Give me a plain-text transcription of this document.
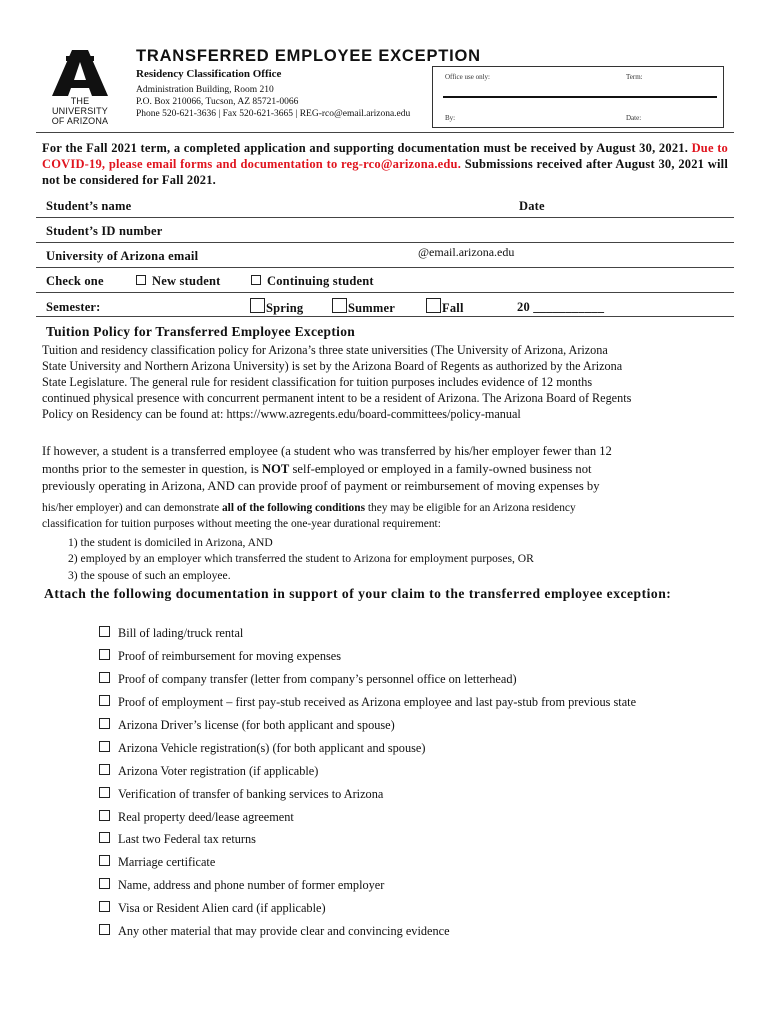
THE UNIVERSITY
OF ARIZONA
TRANSFERRED EMPLOYEE EXCEPTION
Residency Classification Office
Administration Building, Room 210
P.O. Box 210066, Tucson, AZ 85721-0066
Phone 520-621-3636 | Fax 520-621-3665 | REG-rco@email.arizona.edu
Office use only:	Term:
By:	Date:
For the Fall 2021 term, a completed application and supporting documentation must be received by August 30, 2021. Due to COVID-19, please email forms and documentation to reg-rco@arizona.edu. Submissions received after August 30, 2021 will not be considered for Fall 2021.
Student’s name	Date
Student’s ID number
University of Arizona email	@email.arizona.edu
Check one	New student	Continuing student
Semester:	Spring	Summer	Fall	20 ___________
Tuition Policy for Transferred Employee Exception
Tuition and residency classification policy for Arizona’s three state universities (The University of Arizona, Arizona
State University and Northern Arizona University) is set by the Arizona Board of Regents as authorized by the Arizona
State Legislature. The general rule for resident classification for tuition purposes includes evidence of 12 months
continued physical presence with concurrent permanent intent to be a resident of Arizona. The Arizona Board of Regents
Policy on Residency can be found at: https://www.azregents.edu/board-committees/policy-manual
If however, a student is a transferred employee (a student who was transferred by his/her employer fewer than 12
months prior to the semester in question, is NOT self-employed or employed in a family-owned business not
previously operating in Arizona, AND can provide proof of payment or reimbursement of moving expenses by
his/her employer) and can demonstrate all of the following conditions they may be eligible for an Arizona residency
classification for tuition purposes without meeting the one-year durational requirement:
1) the student is domiciled in Arizona, AND
2) employed by an employer which transferred the student to Arizona for employment purposes, OR
3) the spouse of such an employee.
Attach the following documentation in support of your claim to the transferred employee exception:
Bill of lading/truck rental
Proof of reimbursement for moving expenses
Proof of company transfer (letter from company’s personnel office on letterhead)
Proof of employment – first pay-stub received as Arizona employee and last pay-stub from previous state
Arizona Driver’s license (for both applicant and spouse)
Arizona Vehicle registration(s) (for both applicant and spouse)
Arizona Voter registration (if applicable)
Verification of transfer of banking services to Arizona
Real property deed/lease agreement
Last two Federal tax returns
Marriage certificate
Name, address and phone number of former employer
Visa or Resident Alien card (if applicable)
Any other material that may provide clear and convincing evidence
